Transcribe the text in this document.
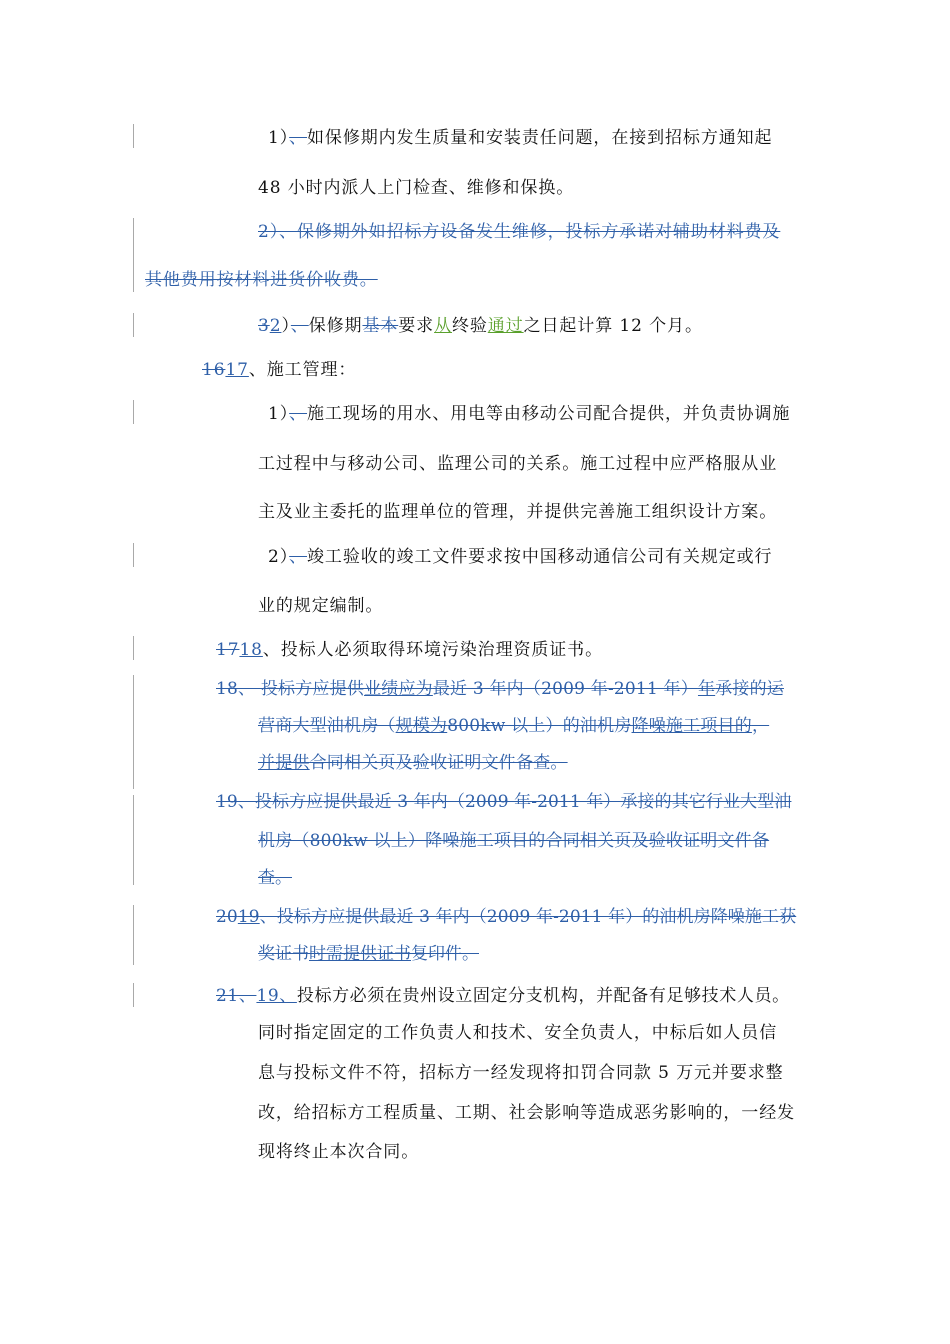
1）、如保修期内发生质量和安装责任问题，在接到招标方通知起
48 小时内派人上门检查、维修和保换。
2）、保修期外如招标方设备发生维修，投标方承诺对辅助材料费及
其他费用按材料进货价收费。
32）、保修期基本要求从终验通过之日起计算 12 个月。
1617、施工管理：
1）、施工现场的用水、用电等由移动公司配合提供，并负责协调施
工过程中与移动公司、监理公司的关系。施工过程中应严格服从业
主及业主委托的监理单位的管理，并提供完善施工组织设计方案。
2）、竣工验收的竣工文件要求按中国移动通信公司有关规定或行
业的规定编制。
1718、投标人必须取得环境污染治理资质证书。
18、 投标方应提供业绩应为最近 3 年内（2009 年-2011 年）年承接的运
营商大型油机房（规模为800kw 以上）的油机房降噪施工项目的，
并提供合同相关页及验收证明文件备查。
19、投标方应提供最近 3 年内（2009 年-2011 年）承接的其它行业大型油
机房（800kw 以上）降噪施工项目的合同相关页及验收证明文件备
查。
2019、投标方应提供最近 3 年内（2009 年-2011 年）的油机房降噪施工获
奖证书时需提供证书复印件。
21、19、投标方必须在贵州设立固定分支机构，并配备有足够技术人员。
同时指定固定的工作负责人和技术、安全负责人，中标后如人员信
息与投标文件不符，招标方一经发现将扣罚合同款 5 万元并要求整
改，给招标方工程质量、工期、社会影响等造成恶劣影响的，一经发
现将终止本次合同。
